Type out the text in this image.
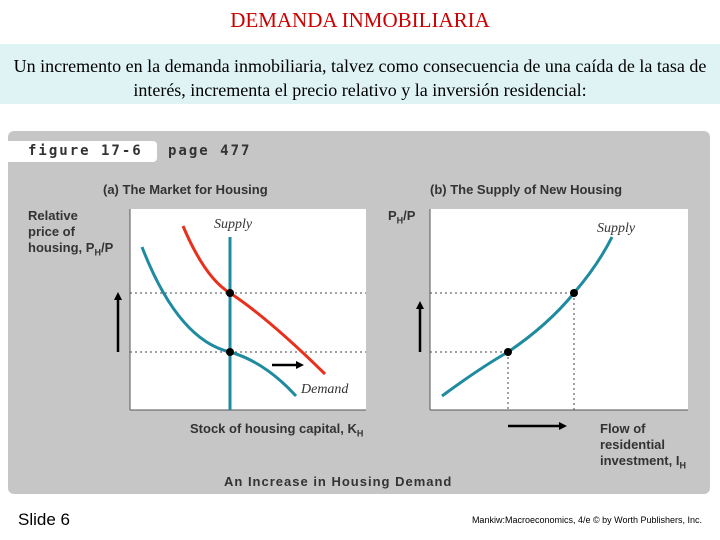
DEMANDA INMOBILIARIA
Un incremento en la demanda inmobiliaria, talvez como consecuencia de una caída de la tasa de interés, incrementa el precio relativo y la inversión residencial:
figure 17-6 page 477
(a) The Market for Housing	(b) The Supply of New Housing
Relative
price of
housing, $P_H/P$
Stock of housing capital, $K_H$
$P_H/P$
Flow of
residential
investment, $I_H$
Supply
Demand
Supply
An Increase in Housing Demand
Slide 6	Mankiw:Macroeconomics, 4/e © by Worth Publishers, Inc.
